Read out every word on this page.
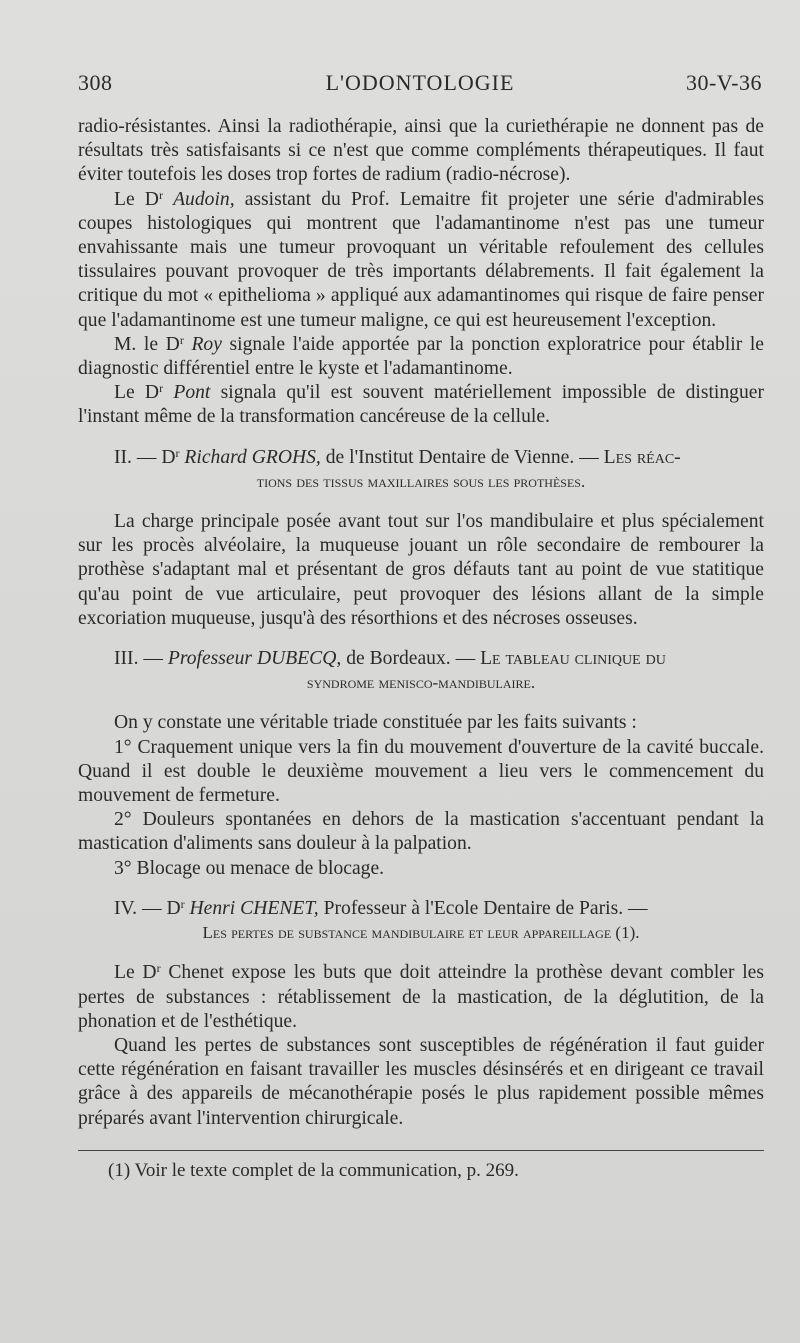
308	L'ODONTOLOGIE	30-V-36

radio-résistantes. Ainsi la radiothérapie, ainsi que la curiethérapie ne donnent pas de résultats très satisfaisants si ce n'est que comme compléments thérapeutiques. Il faut éviter toutefois les doses trop fortes de radium (radio-nécrose).

Le $D^r$ Audoin, assistant du Prof. Lemaitre fit projeter une série d'admirables coupes histologiques qui montrent que l'adamantinome n'est pas une tumeur envahissante mais une tumeur provoquant un véritable refoulement des cellules tissulaires pouvant provoquer de très importants délabrements. Il fait également la critique du mot « epithelioma » appliqué aux adamantinomes qui risque de faire penser que l'adamantinome est une tumeur maligne, ce qui est heureusement l'exception.

M. le $D^r$ Roy signale l'aide apportée par la ponction exploratrice pour établir le diagnostic différentiel entre le kyste et l'adamantinome.

Le $D^r$ Pont signala qu'il est souvent matériellement impossible de distinguer l'instant même de la transformation cancéreuse de la cellule.

II. — $D^r$ Richard GROHS, de l'Institut Dentaire de Vienne. — Les réac-

tions des tissus maxillaires sous les prothèses.

La charge principale posée avant tout sur l'os mandibulaire et plus spécialement sur les procès alvéolaire, la muqueuse jouant un rôle secondaire de rembourer la prothèse s'adaptant mal et présentant de gros défauts tant au point de vue statitique qu'au point de vue articulaire, peut provoquer des lésions allant de la simple excoriation muqueuse, jusqu'à des résorthions et des nécroses osseuses.

III. — Professeur DUBECQ, de Bordeaux. — Le tableau clinique du

syndrome menisco-mandibulaire.

On y constate une véritable triade constituée par les faits suivants :

1° Craquement unique vers la fin du mouvement d'ouverture de la cavité buccale. Quand il est double le deuxième mouvement a lieu vers le commencement du mouvement de fermeture.

2° Douleurs spontanées en dehors de la mastication s'accentuant pendant la mastication d'aliments sans douleur à la palpation.

3° Blocage ou menace de blocage.

IV. — $D^r$ Henri CHENET, Professeur à l'Ecole Dentaire de Paris. —

Les pertes de substance mandibulaire et leur appareillage (1).

Le $D^r$ Chenet expose les buts que doit atteindre la prothèse devant combler les pertes de substances : rétablissement de la mastication, de la déglutition, de la phonation et de l'esthétique.

Quand les pertes de substances sont susceptibles de régénération il faut guider cette régénération en faisant travailler les muscles désinsérés et en dirigeant ce travail grâce à des appareils de mécanothérapie posés le plus rapidement possible mêmes préparés avant l'intervention chirurgicale.

(1) Voir le texte complet de la communication, p. 269.
